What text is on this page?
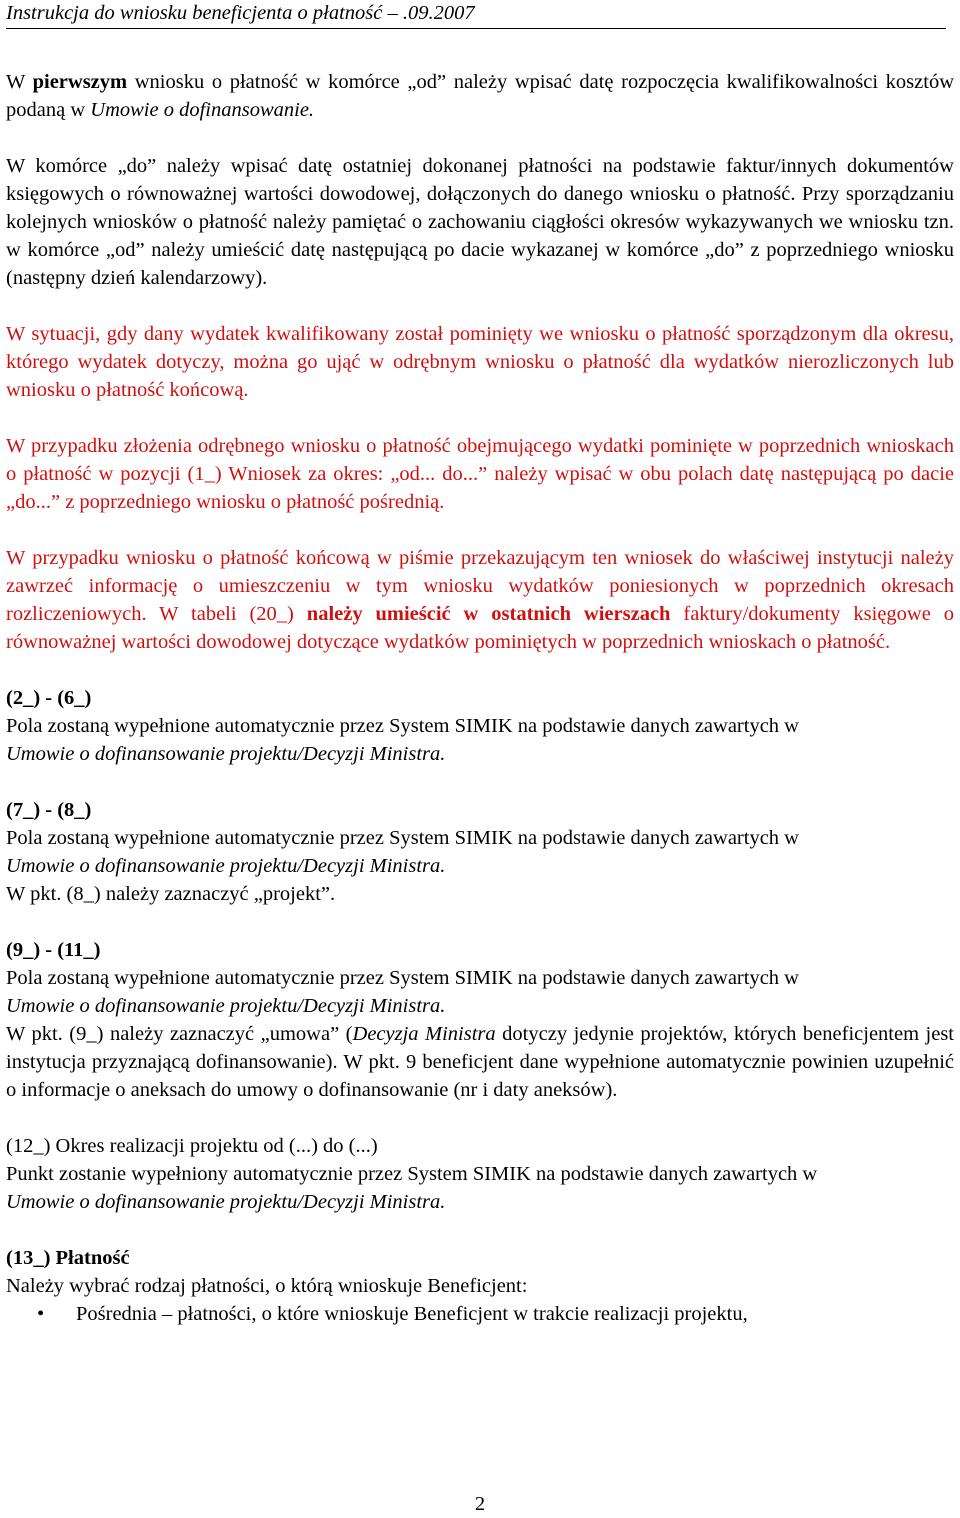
Instrukcja do wniosku beneficjenta o płatność – .09.2007

W pierwszym wniosku o płatność w komórce „od” należy wpisać datę rozpoczęcia kwalifikowalności kosztów podaną w Umowie o dofinansowanie.

W komórce „do” należy wpisać datę ostatniej dokonanej płatności na podstawie faktur/innych dokumentów księgowych o równoważnej wartości dowodowej, dołączonych do danego wniosku o płatność. Przy sporządzaniu kolejnych wniosków o płatność należy pamiętać o zachowaniu ciągłości okresów wykazywanych we wniosku tzn. w komórce „od” należy umieścić datę następującą po dacie wykazanej w komórce „do” z poprzedniego wniosku (następny dzień kalendarzowy).

W sytuacji, gdy dany wydatek kwalifikowany został pominięty we wniosku o płatność sporządzonym dla okresu, którego wydatek dotyczy, można go ująć w odrębnym wniosku o płatność dla wydatków nierozliczonych lub wniosku o płatność końcową.

W przypadku złożenia odrębnego wniosku o płatność obejmującego wydatki pominięte w poprzednich wnioskach o płatność w pozycji (1_) Wniosek za okres: „od... do...” należy wpisać w obu polach datę następującą po dacie „do...” z poprzedniego wniosku o płatność pośrednią.

W przypadku wniosku o płatność końcową w piśmie przekazującym ten wniosek do właściwej instytucji należy zawrzeć informację o umieszczeniu w tym wniosku wydatków poniesionych w poprzednich okresach rozliczeniowych. W tabeli (20_) należy umieścić w ostatnich wierszach faktury/dokumenty księgowe o równoważnej wartości dowodowej dotyczące wydatków pominiętych w poprzednich wnioskach o płatność.

(2_) - (6_)
Pola zostaną wypełnione automatycznie przez System SIMIK na podstawie danych zawartych w
Umowie o dofinansowanie projektu/Decyzji Ministra.
(7_) - (8_)
Pola zostaną wypełnione automatycznie przez System SIMIK na podstawie danych zawartych w
Umowie o dofinansowanie projektu/Decyzji Ministra.
W pkt. (8_) należy zaznaczyć „projekt”.
(9_) - (11_)
Pola zostaną wypełnione automatycznie przez System SIMIK na podstawie danych zawartych w
Umowie o dofinansowanie projektu/Decyzji Ministra.
W pkt. (9_) należy zaznaczyć „umowa” (Decyzja Ministra dotyczy jedynie projektów, których beneficjentem jest instytucja przyznającą dofinansowanie). W pkt. 9 beneficjent dane wypełnione automatycznie powinien uzupełnić o informacje o aneksach do umowy o dofinansowanie (nr i daty aneksów).
(12_) Okres realizacji projektu od (...) do (...)
Punkt zostanie wypełniony automatycznie przez System SIMIK na podstawie danych zawartych w
Umowie o dofinansowanie projektu/Decyzji Ministra.
(13_) Płatność
Należy wybrać rodzaj płatności, o którą wnioskuje Beneficjent:
• Pośrednia – płatności, o które wnioskuje Beneficjent w trakcie realizacji projektu,
2
